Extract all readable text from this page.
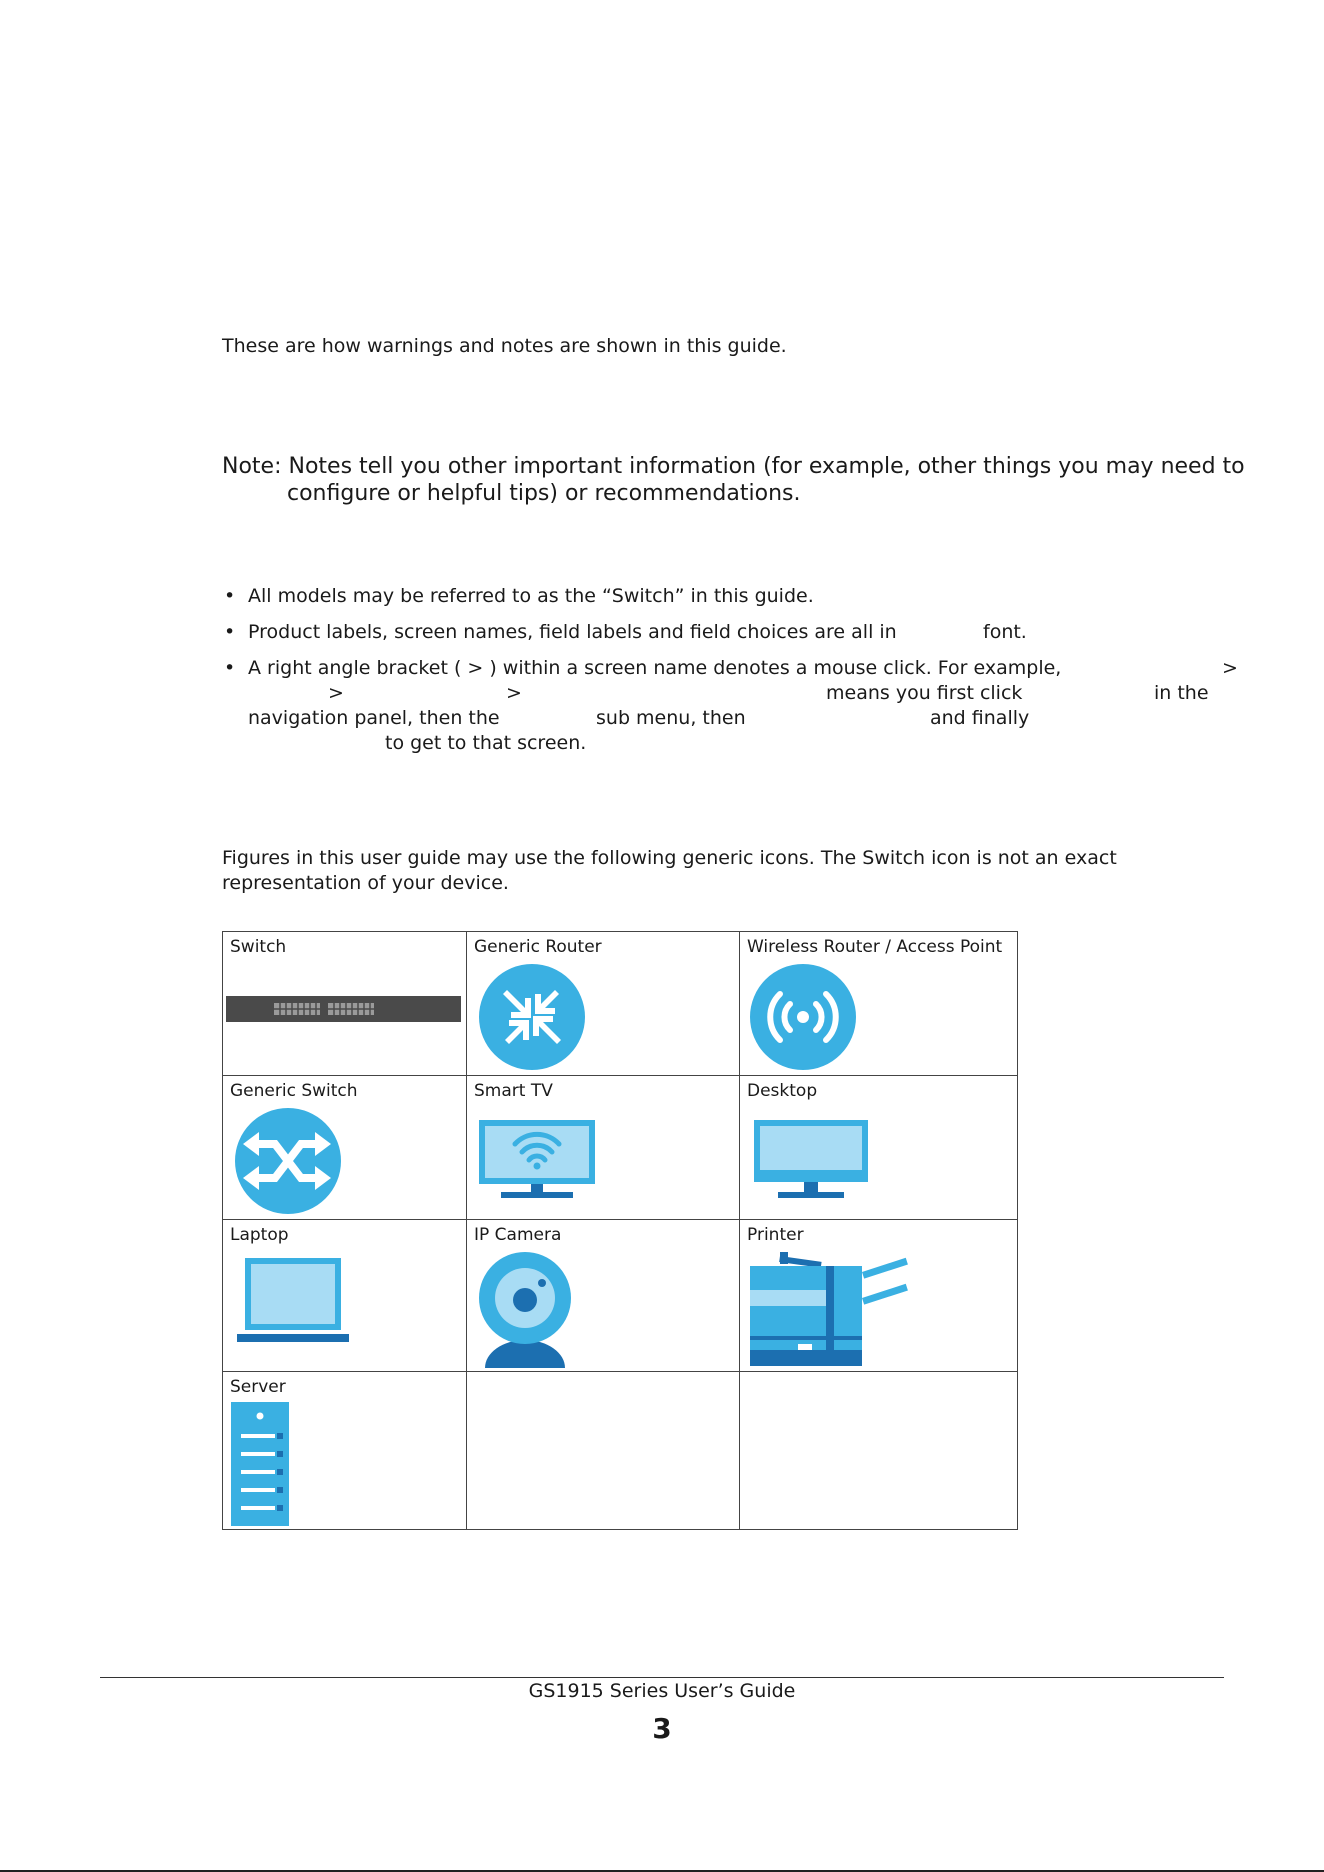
These are how warnings and notes are shown in this guide.
Note: Notes tell you other important information (for example, other things you may need to
configure or helpful tips) or recommendations.
• All models may be referred to as the “Switch” in this guide.
• Product labels, screen names, field labels and field choices are all in	font.
• A right angle bracket ( > ) within a screen name denotes a mouse click. For example,	>
>	>	means you first click	in the
navigation panel, then the	sub menu, then	and finally
to get to that screen.
Figures in this user guide may use the following generic icons. The Switch icon is not an exact
representation of your device.
Switch	Generic Router	Wireless Router / Access Point

Generic Switch	Smart TV	Desktop

Laptop	IP Camera	Printer

Server		

GS1915 Series User’s Guide
3
